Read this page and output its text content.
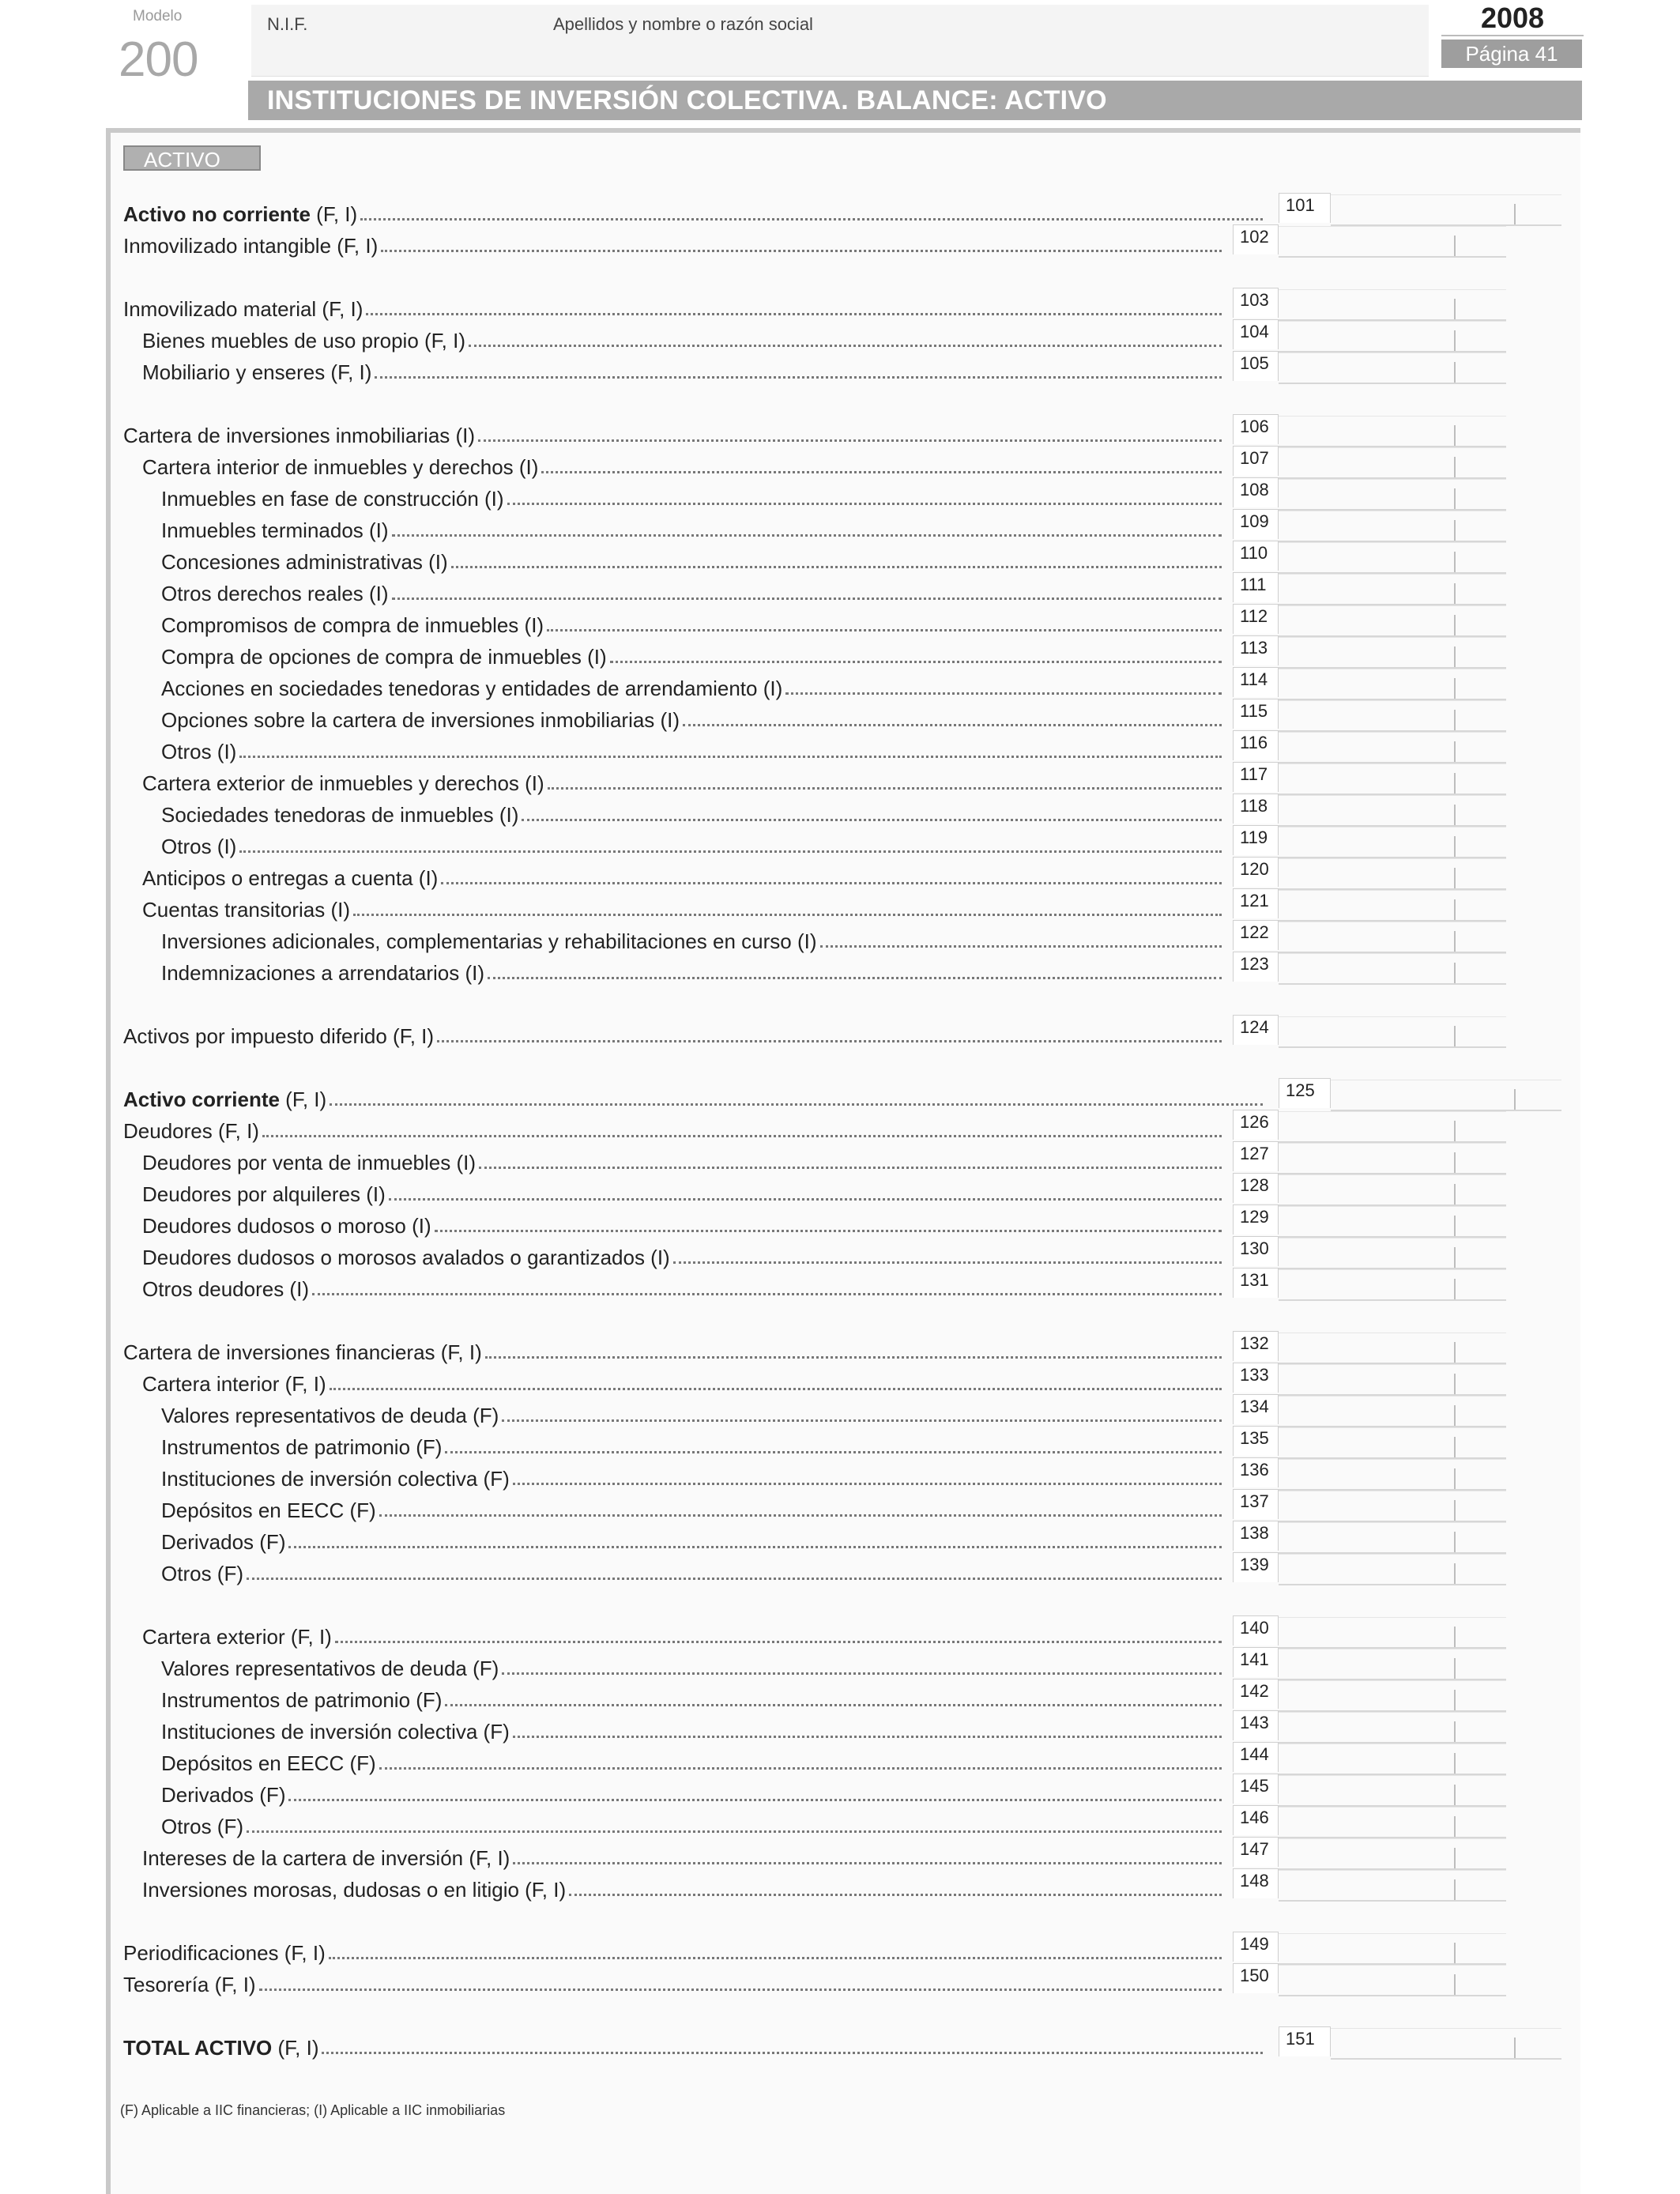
Modelo
200
N.I.F.	Apellidos y nombre o razón social	2008
Página 41
INSTITUCIONES DE INVERSIÓN COLECTIVA. BALANCE: ACTIVO
ACTIVO
Activo no corriente (F, I)	101
Inmovilizado intangible (F, I)	102
Inmovilizado material (F, I)	103
Bienes muebles de uso propio (F, I)	104
Mobiliario y enseres (F, I)	105
Cartera de inversiones inmobiliarias (I)	106
Cartera interior de inmuebles y derechos (I)	107
Inmuebles en fase de construcción (I)	108
Inmuebles terminados (I)	109
Concesiones administrativas (I)	110
Otros derechos reales (I)	111
Compromisos de compra de inmuebles (I)	112
Compra de opciones de compra de inmuebles (I)	113
Acciones en sociedades tenedoras y entidades de arrendamiento (I)	114
Opciones sobre la cartera de inversiones inmobiliarias (I)	115
Otros (I)	116
Cartera exterior de inmuebles y derechos (I)	117
Sociedades tenedoras de inmuebles (I)	118
Otros (I)	119
Anticipos o entregas a cuenta (I)	120
Cuentas transitorias (I)	121
Inversiones adicionales, complementarias y rehabilitaciones en curso (I)	122
Indemnizaciones a arrendatarios (I)	123
Activos por impuesto diferido (F, I)	124
Activo corriente (F, I)	125
Deudores (F, I)	126
Deudores por venta de inmuebles (I)	127
Deudores por alquileres (I)	128
Deudores dudosos o moroso (I)	129
Deudores dudosos o morosos avalados o garantizados (I)	130
Otros deudores (I)	131
Cartera de inversiones financieras (F, I)	132
Cartera interior (F, I)	133
Valores representativos de deuda (F)	134
Instrumentos de patrimonio (F)	135
Instituciones de inversión colectiva (F)	136
Depósitos en EECC (F)	137
Derivados (F)	138
Otros (F)	139
Cartera exterior (F, I)	140
Valores representativos de deuda (F)	141
Instrumentos de patrimonio (F)	142
Instituciones de inversión colectiva (F)	143
Depósitos en EECC (F)	144
Derivados (F)	145
Otros (F)	146
Intereses de la cartera de inversión (F, I)	147
Inversiones morosas, dudosas o en litigio (F, I)	148
Periodificaciones (F, I)	149
Tesorería (F, I)	150
TOTAL ACTIVO (F, I)	151
(F) Aplicable a IIC financieras; (I) Aplicable a IIC inmobiliarias
